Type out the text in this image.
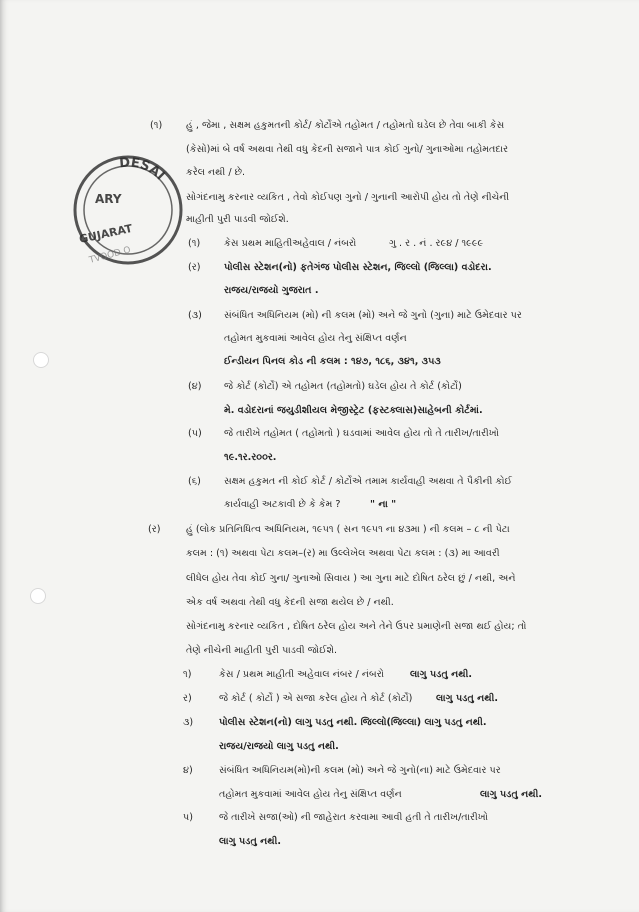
DESAI
ARY
GUJARAT
TVOOD.O
(૧) હું , જેમા , સક્ષમ હકુમતની કોર્ટ/ કોર્ટોએ તહોમત / તહોમતો ઘડેલ છે તેવા બાકી કેસ
(કેસો)માં બે વર્ષ અથવા તેથી વધુ કેદની સજાને પાત્ર કોઈ ગુનો/ ગુનાઓમા તહોમતદાર
કરેલ નથી / છે.
સોગંદનામુ કરનાર વ્યકિત , તેવો કોઈપણ ગુનો / ગુનાની આરોપી હોય તો તેણે નીચેની
માહીતી પુરી પાડવી જોઈશે.
(૧) કેસ પ્રથમ માહિતીઅહેવાલ / નંબરો	ગુ . ર . નં . ર૯૪ / ૧૯૯૯
(ર) પોલીસ સ્ટેશન(નો) ફતેગંજ પોલીસ સ્ટેશન, જિલ્લો (જિલ્લા) વડોદરા.
રાજય/રાજયો ગુજરાત .
(૩) સંબંધિત અધિનિયમ (મો) ની કલમ (મો) અને જે ગુનો (ગુના) માટે ઉમેદવાર પર
તહોમત મુકવામાં આવેલ હોય તેનુ સંક્ષિપ્ત વર્ણન
ઈન્ડીયન પિનલ કોડ ની કલમ : ૧૪૭, ૧૮૬, ૩૪૧, ૩૫૩
(૪) જે કોર્ટ (કોર્ટો) એ તહોમત (તહોમતો) ઘડેલ હોય તે કોર્ટ (કોર્ટો)
મે. વડોદરાનાં જયુડીશીયલ મેજીસ્ટ્રેટ (ફસ્ટક્લાસ)સાહેબની કોર્ટમાં.
(પ) જે તારીખે તહોમત ( તહોમતો ) ઘડવામાં આવેલ હોય તો તે તારીખ/તારીખો
૧૯.૧ર.ર૦૦ર.
(૬) સક્ષમ હકુમત ની કોઈ કોર્ટ / કોર્ટોએ તમામ કાર્યવાહી અથવા તે પૈકીની કોઈ
કાર્યવાહી અટકાવી છે કે કેમ ?	" ના "
(ર)	હું (લોક પ્રતિનિધિત્વ અધિનિયમ, ૧૯૫૧ ( સન ૧૯૫૧ ના ૪૩મા ) ની કલમ – ૮ ની પેટા
કલમ : (૧) અથવા પેટા કલમ–(ર) મા ઉલ્લેખેલ અથવા પેટા કલમ : (૩) મા આવરી
લીધેલ હોય તેવા કોઈ ગુના/ ગુનાઓ સિવાય ) આ ગુના માટે દોષિત ઠરેલ છું / નથી, અને
એક વર્ષ અથવા તેથી વધુ કેદની સજા થયેલ છે / નથી.
સોગંદનામુ કરનાર વ્યકિત , દોષિત ઠરેલ હોય અને તેને ઉપર પ્રમાણેની સજા થઈ હોય; તો
તેણે નીચેની માહીતી પુરી પાડવી જોઈશે.
૧)	કેસ / પ્રથમ માહીતી અહેવાલ નંબર / નંબરો	લાગુ પડતુ નથી.
ર)	જે કોર્ટ ( કોર્ટો ) એ સજા કરેલ હોય તે કોર્ટ (કોર્ટો) લાગુ પડતુ નથી.
૩)	પોલીસ સ્ટેશન(નો) લાગુ પડતુ નથી. જિલ્લો(જિલ્લા) લાગુ પડતુ નથી.
રાજય/રાજયો લાગુ પડતુ નથી.
૪)	સંબંધિત અધિનિયમ(મો)ની કલમ (મો) અને જે ગુનો(ના) માટે ઉમેદવાર પર
તહોમત મુકવામાં આવેલ હોય તેનુ સંક્ષિપ્ત વર્ણન	લાગુ પડતુ નથી.
પ)	જે તારીખે સજા(ઓ) ની જાહેરાત કરવામા આવી હતી તે તારીખ/તારીખો
લાગુ પડતુ નથી.
